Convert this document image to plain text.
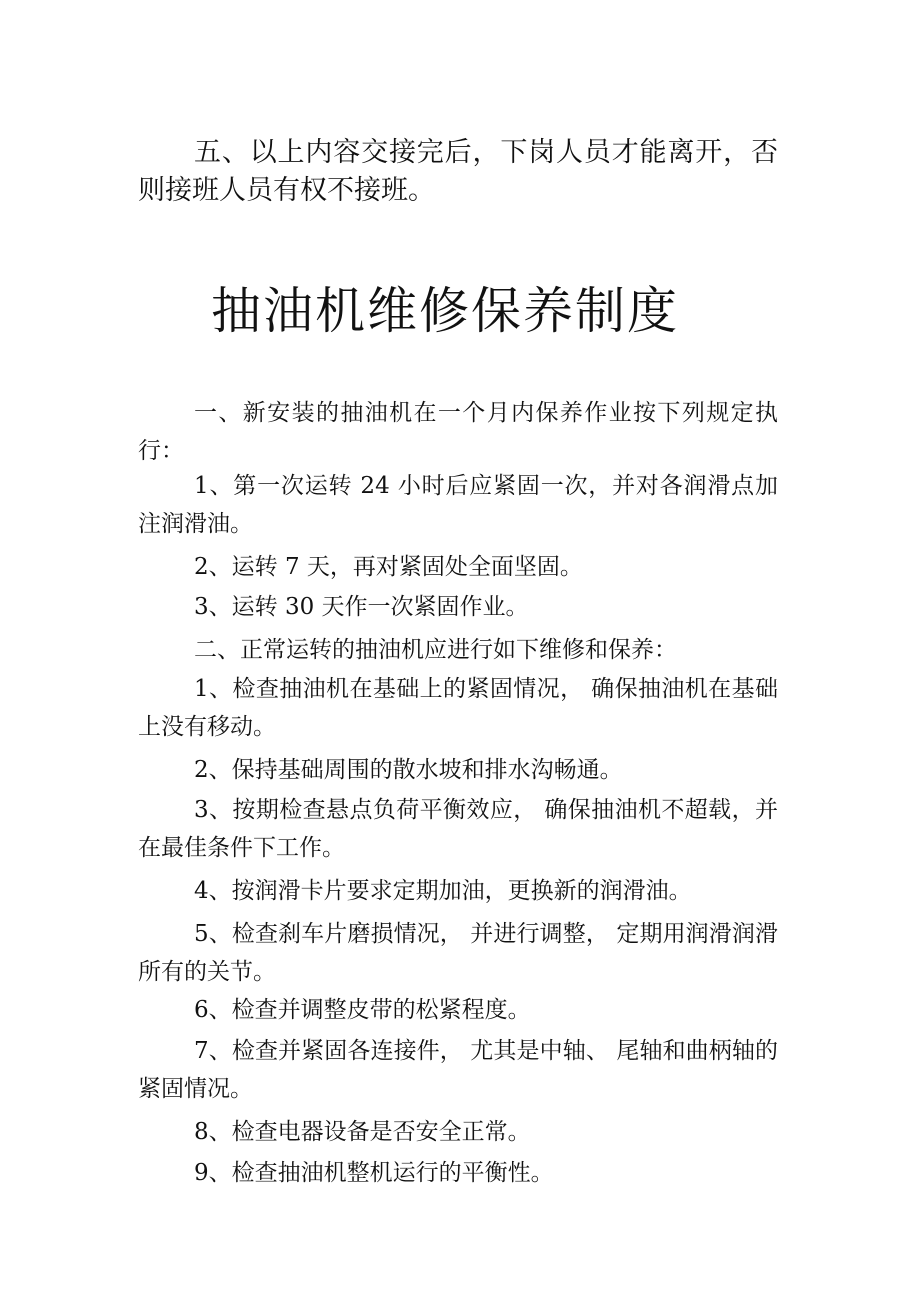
五、以上内容交接完后，下岗人员才能离开，否则接班人员有权不接班。

抽油机维修保养制度

一、新安装的抽油机在一个月内保养作业按下列规定执行：

1、第一次运转 24 小时后应紧固一次，并对各润滑点加注润滑油。

2、运转 7 天，再对紧固处全面坚固。

3、运转 30 天作一次紧固作业。

二、正常运转的抽油机应进行如下维修和保养：

1、检查抽油机在基础上的紧固情况， 确保抽油机在基础上没有移动。

2、保持基础周围的散水坡和排水沟畅通。

3、按期检查悬点负荷平衡效应， 确保抽油机不超载，并在最佳条件下工作。

4、按润滑卡片要求定期加油，更换新的润滑油。

5、检查刹车片磨损情况， 并进行调整， 定期用润滑润滑所有的关节。

6、检查并调整皮带的松紧程度。

7、检查并紧固各连接件， 尤其是中轴、 尾轴和曲柄轴的紧固情况。

8、检查电器设备是否安全正常。

9、检查抽油机整机运行的平衡性。
